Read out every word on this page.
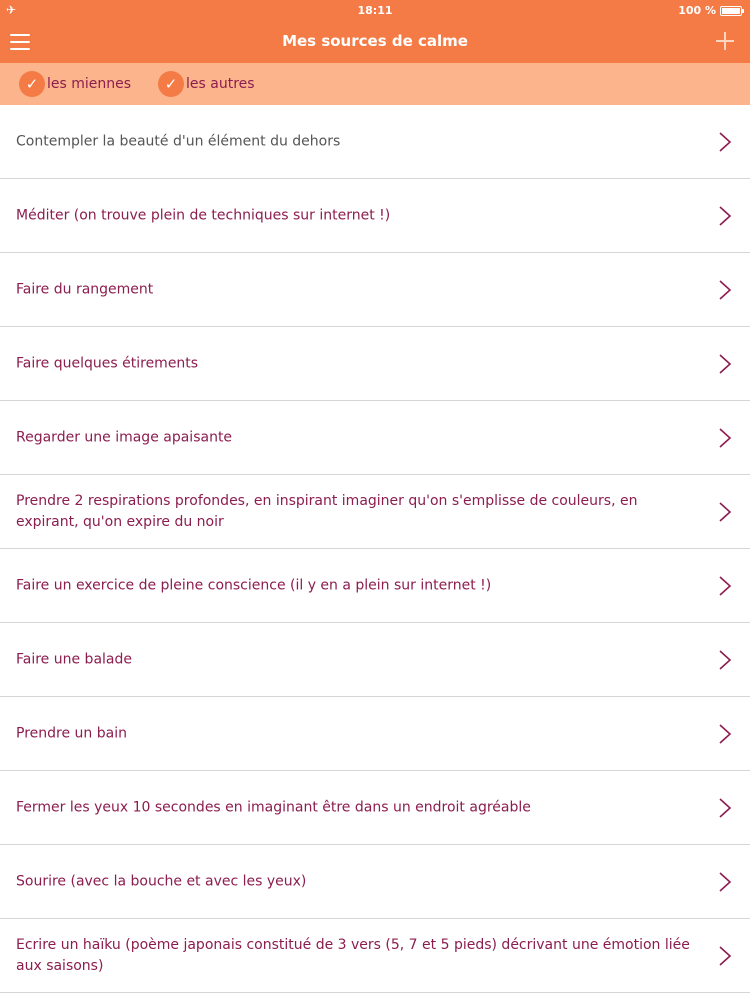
✈	18:11	100 %
Mes sources de calme
✓ les miennes	✓ les autres
Contempler la beauté d'un élément du dehors
Méditer (on trouve plein de techniques sur internet !)
Faire du rangement
Faire quelques étirements
Regarder une image apaisante
Prendre 2 respirations profondes, en inspirant imaginer qu'on s'emplisse de couleurs, en expirant, qu'on expire du noir
Faire un exercice de pleine conscience (il y en a plein sur internet !)
Faire une balade
Prendre un bain
Fermer les yeux 10 secondes en imaginant être dans un endroit agréable
Sourire (avec la bouche et avec les yeux)
Ecrire un haïku (poème japonais constitué de 3 vers (5, 7 et 5 pieds) décrivant une émotion liée aux saisons)
